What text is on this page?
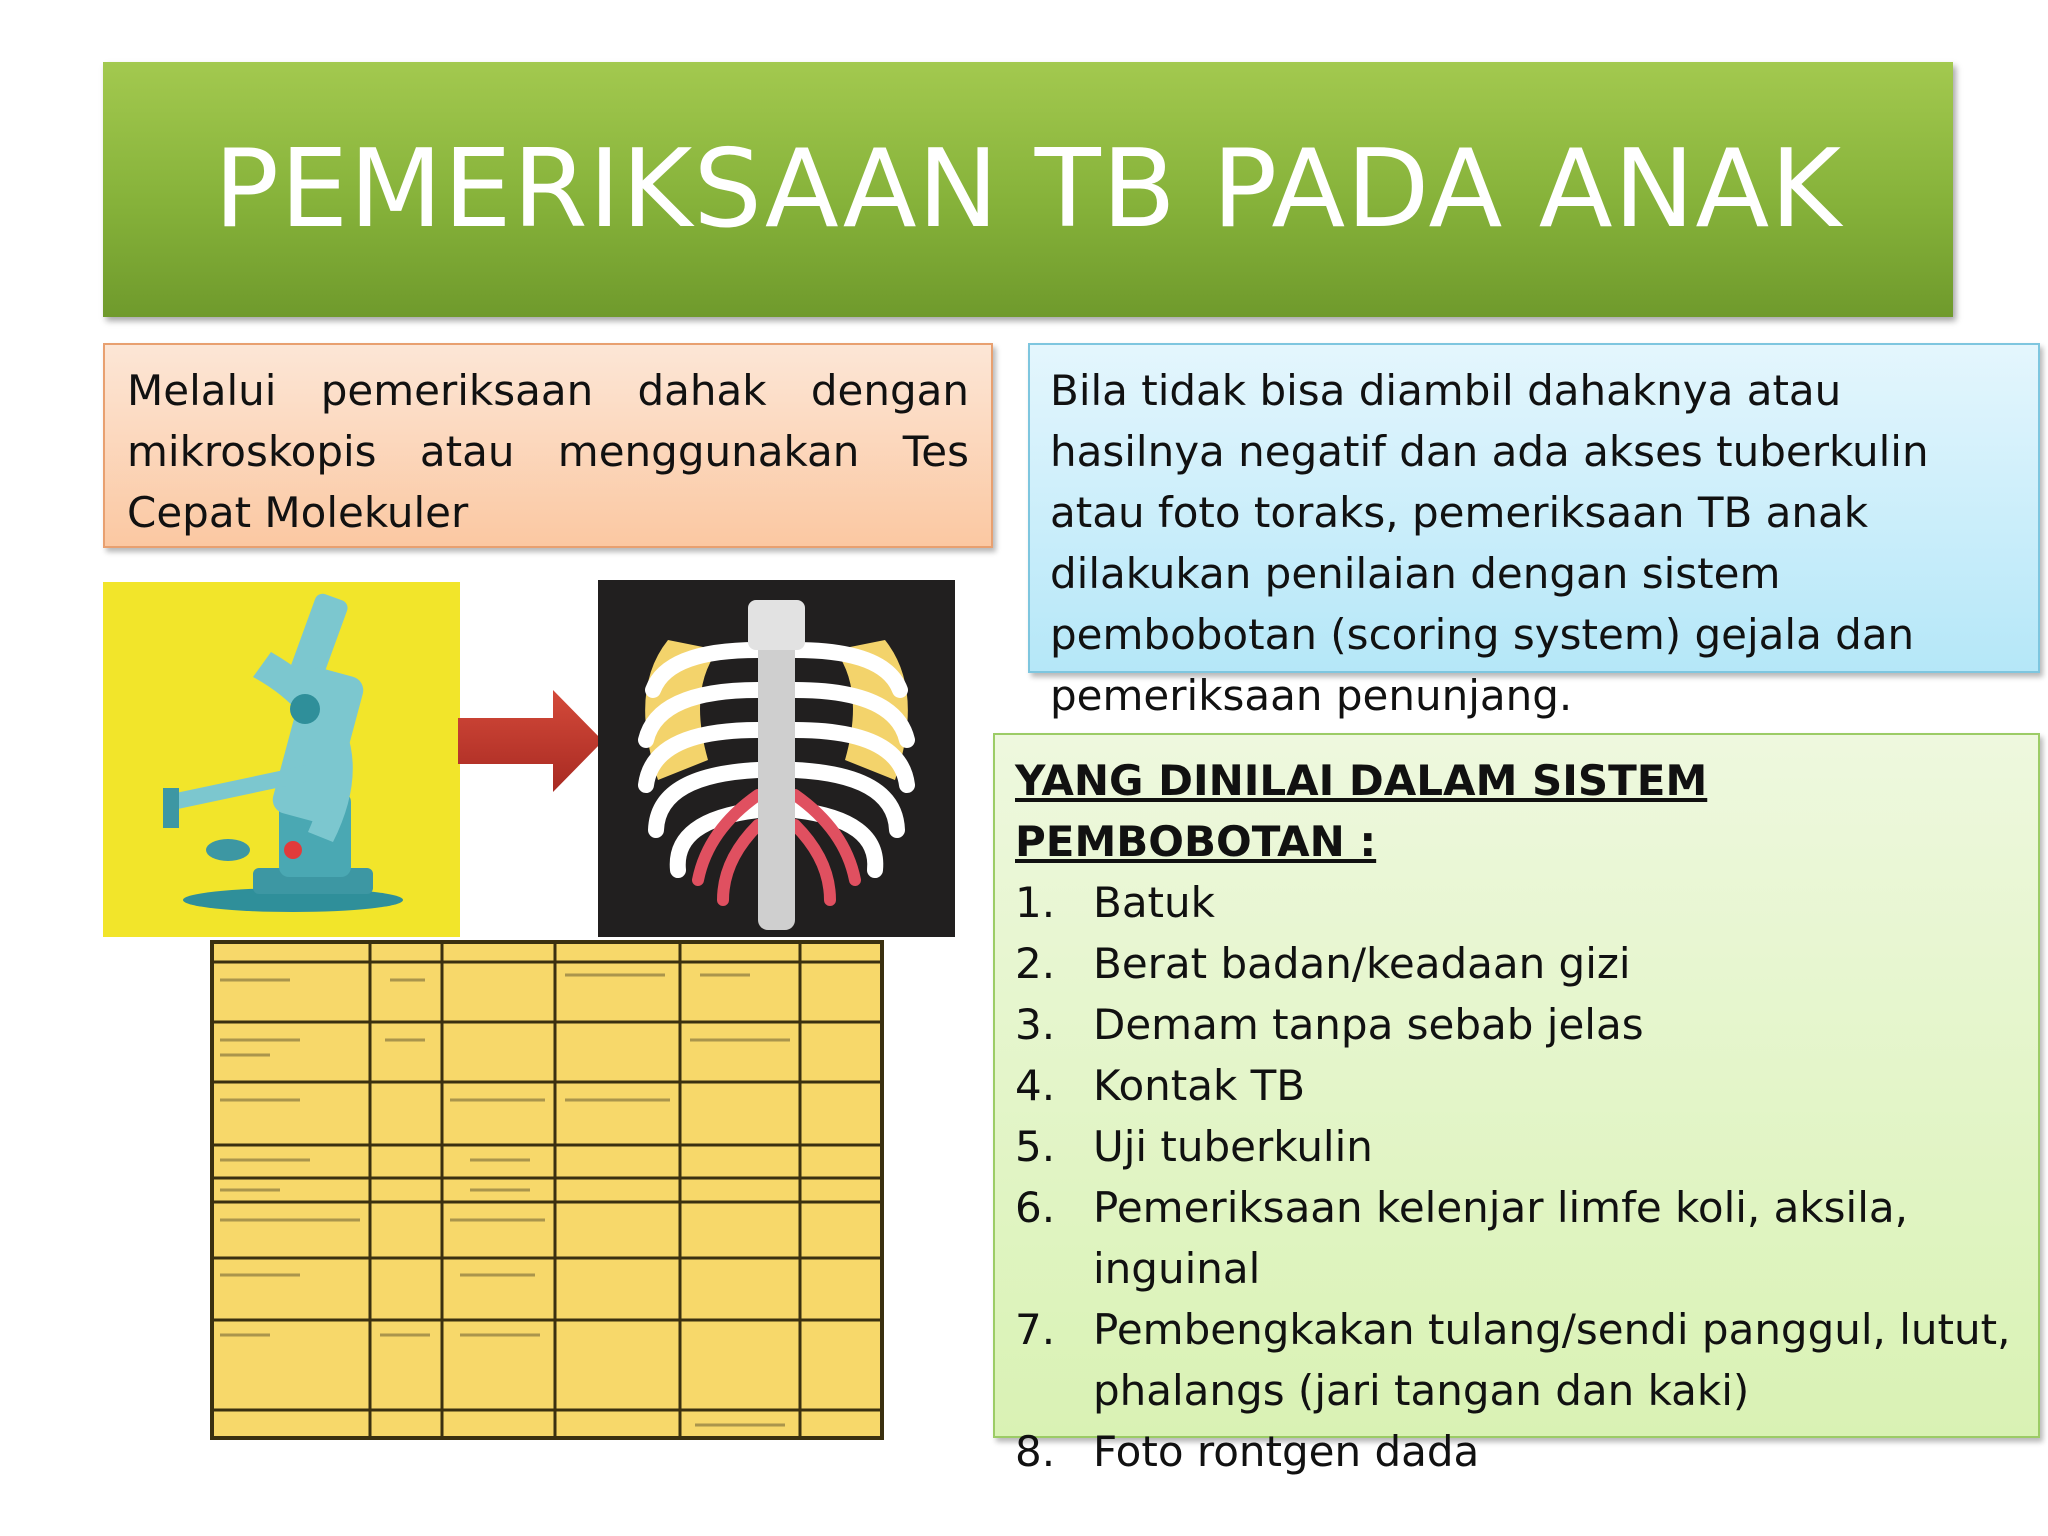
PEMERIKSAAN TB PADA ANAK
Melalui pemeriksaan dahak dengan mikroskopis atau menggunakan Tes Cepat Molekuler
Bila tidak bisa diambil dahaknya atau hasilnya negatif dan ada akses tuberkulin atau foto toraks, pemeriksaan TB anak dilakukan penilaian dengan sistem pembobotan (scoring system) gejala dan pemeriksaan penunjang.

YANG DINILAI DALAM SISTEM PEMBOBOTAN :

1. Batuk
2. Berat badan/keadaan gizi
3. Demam tanpa sebab jelas
4. Kontak TB
5. Uji tuberkulin
6. Pemeriksaan kelenjar limfe koli, aksila, inguinal
7. Pembengkakan tulang/sendi panggul, lutut, phalangs (jari tangan dan kaki)
8. Foto rontgen dada
